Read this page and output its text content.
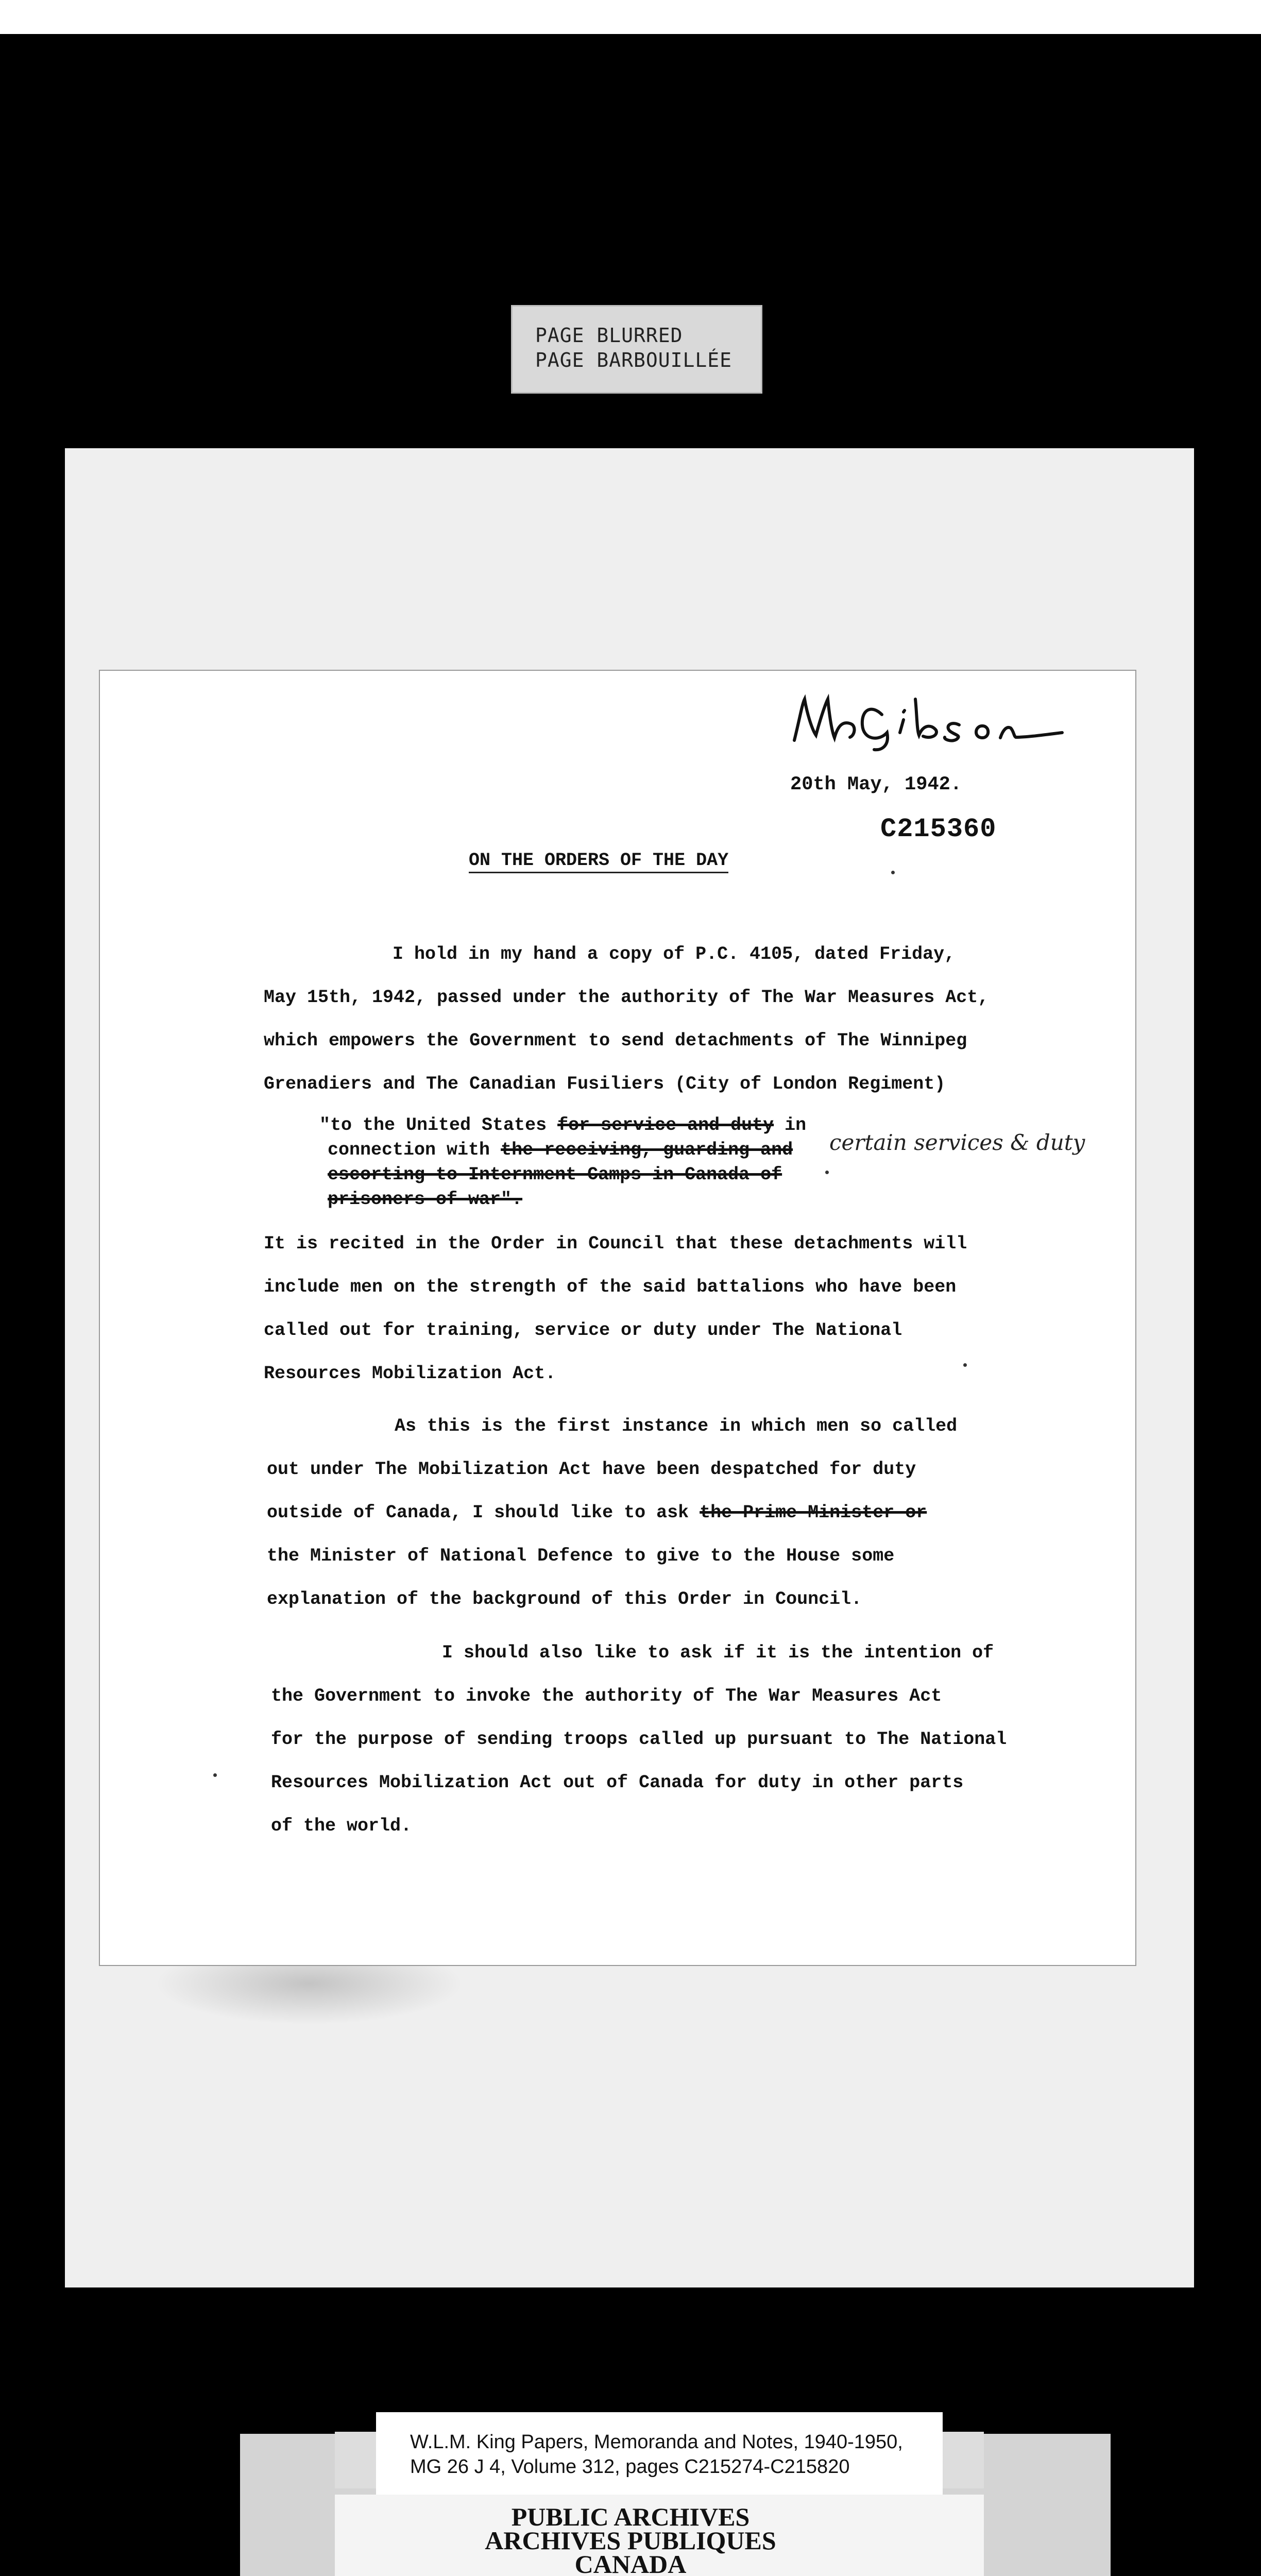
PAGE BLURRED
PAGE BARBOUILLÉE
20th May, 1942.
C215360
ON THE ORDERS OF THE DAY
I hold in my hand a copy of P.C. 4105, dated Friday,
May 15th, 1942, passed under the authority of The War Measures Act,
which empowers the Government to send detachments of The Winnipeg
Grenadiers and The Canadian Fusiliers (City of London Regiment)
"to the United States for service and duty in
connection with the receiving, guarding and
escorting to Internment Camps in Canada of
prisoners of war".
certain services & duty
It is recited in the Order in Council that these detachments will
include men on the strength of the said battalions who have been
called out for training, service or duty under The National
Resources Mobilization Act.
As this is the first instance in which men so called
out under The Mobilization Act have been despatched for duty
outside of Canada, I should like to ask the Prime Minister or
the Minister of National Defence to give to the House some
explanation of the background of this Order in Council.
I should also like to ask if it is the intention of
the Government to invoke the authority of The War Measures Act
for the purpose of sending troops called up pursuant to The National
Resources Mobilization Act out of Canada for duty in other parts
of the world.
W.L.M. King Papers, Memoranda and Notes, 1940-1950,
MG 26 J 4, Volume 312, pages C215274-C215820
PUBLIC ARCHIVES
ARCHIVES PUBLIQUES
CANADA
